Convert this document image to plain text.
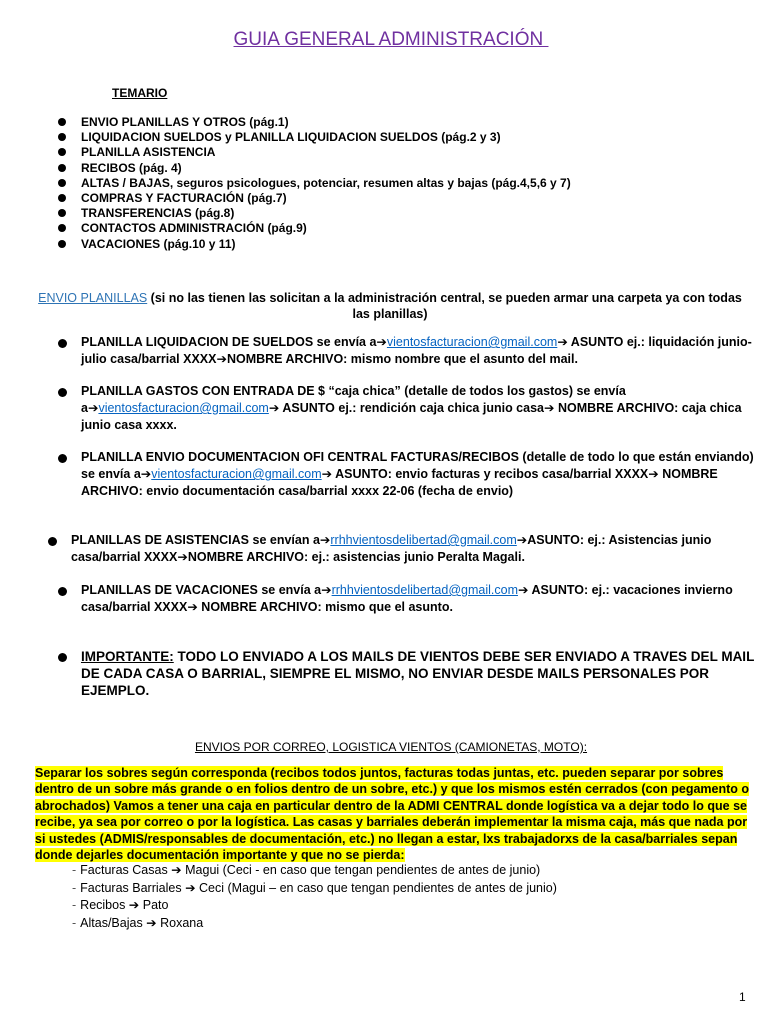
GUIA GENERAL ADMINISTRACIÓN
TEMARIO
ENVIO PLANILLAS Y OTROS (pág.1)
LIQUIDACION SUELDOS y PLANILLA LIQUIDACION SUELDOS (pág.2 y 3)
PLANILLA ASISTENCIA
RECIBOS (pág. 4)
ALTAS / BAJAS, seguros psicologues, potenciar, resumen altas y bajas (pág.4,5,6 y 7)
COMPRAS Y FACTURACIÓN (pág.7)
TRANSFERENCIAS (pág.8)
CONTACTOS ADMINISTRACIÓN (pág.9)
VACACIONES (pág.10 y 11)
ENVIO PLANILLAS (si no las tienen las solicitan a la administración central, se pueden armar una carpeta ya con todas las planillas)
PLANILLA LIQUIDACION DE SUELDOS se envía a➔vientosfacturacion@gmail.com➔ ASUNTO ej.: liquidación junio-julio casa/barrial XXXX➔NOMBRE ARCHIVO: mismo nombre que el asunto del mail.
PLANILLA GASTOS CON ENTRADA DE $ “caja chica” (detalle de todos los gastos) se envía a➔vientosfacturacion@gmail.com➔ ASUNTO ej.: rendición caja chica junio casa➔ NOMBRE ARCHIVO: caja chica junio casa xxxx.
PLANILLA ENVIO DOCUMENTACION OFI CENTRAL FACTURAS/RECIBOS (detalle de todo lo que están enviando) se envía a➔vientosfacturacion@gmail.com➔ ASUNTO: envio facturas y recibos casa/barrial XXXX➔ NOMBRE ARCHIVO: envio documentación casa/barrial xxxx 22-06 (fecha de envio)
PLANILLAS DE ASISTENCIAS se envían a➔rrhhvientosdelibertad@gmail.com➔ASUNTO: ej.: Asistencias junio casa/barrial XXXX➔NOMBRE ARCHIVO: ej.: asistencias junio Peralta Magali.
PLANILLAS DE VACACIONES se envía a➔rrhhvientosdelibertad@gmail.com➔ ASUNTO: ej.: vacaciones invierno casa/barrial XXXX➔ NOMBRE ARCHIVO: mismo que el asunto.
IMPORTANTE: TODO LO ENVIADO A LOS MAILS DE VIENTOS DEBE SER ENVIADO A TRAVES DEL MAIL DE CADA CASA O BARRIAL, SIEMPRE EL MISMO, NO ENVIAR DESDE MAILS PERSONALES POR EJEMPLO.
ENVIOS POR CORREO, LOGISTICA VIENTOS (CAMIONETAS, MOTO):
Separar los sobres según corresponda (recibos todos juntos, facturas todas juntas, etc. pueden separar por sobres dentro de un sobre más grande o en folios dentro de un sobre, etc.) y que los mismos estén cerrados (con pegamento o abrochados) Vamos a tener una caja en particular dentro de la ADMI CENTRAL donde logística va a dejar todo lo que se recibe, ya sea por correo o por la logística. Las casas y barriales deberán implementar la misma caja, más que nada por si ustedes (ADMIS/responsables de documentación, etc.) no llegan a estar, lxs trabajadorxs de la casa/barriales sepan donde dejarles documentación importante y que no se pierda:
- Facturas Casas ➔ Magui (Ceci - en caso que tengan pendientes de antes de junio)
- Facturas Barriales ➔ Ceci (Magui – en caso que tengan pendientes de antes de junio)
- Recibos ➔ Pato
- Altas/Bajas ➔ Roxana
1
